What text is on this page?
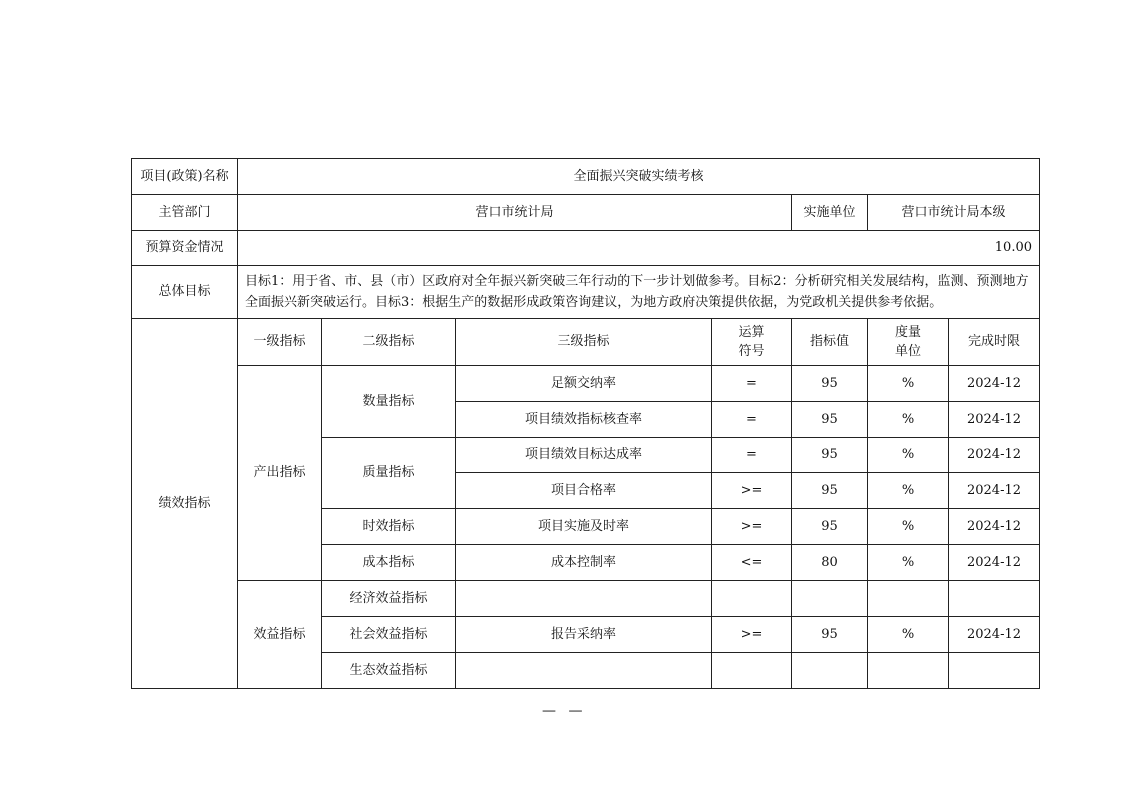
项目(政策)名称	全面振兴突破实绩考核						
主管部门	营口市统计局				实施单位	营口市统计局本级	
预算资金情况	10.00						
总体目标	目标1：用于省、市、县（市）区政府对全年振兴新突破三年行动的下一步计划做参考。目标2：分析研究相关发展结构，监测、预测地方全面振兴新突破运行。目标3：根据生产的数据形成政策咨询建议，为地方政府决策提供依据，为党政机关提供参考依据。						
绩效指标	一级指标	二级指标	三级指标	运算符号	指标值	度量单位	完成时限
	产出指标	数量指标	足额交纳率	=	95	%	2024-12
			项目绩效指标核查率	=	95	%	2024-12
		质量指标	项目绩效目标达成率	=	95	%	2024-12
			项目合格率	>=	95	%	2024-12
		时效指标	项目实施及时率	>=	95	%	2024-12
		成本指标	成本控制率	<=	80	%	2024-12
	效益指标	经济效益指标					
		社会效益指标	报告采纳率	>=	95	%	2024-12
		生态效益指标					
— —
